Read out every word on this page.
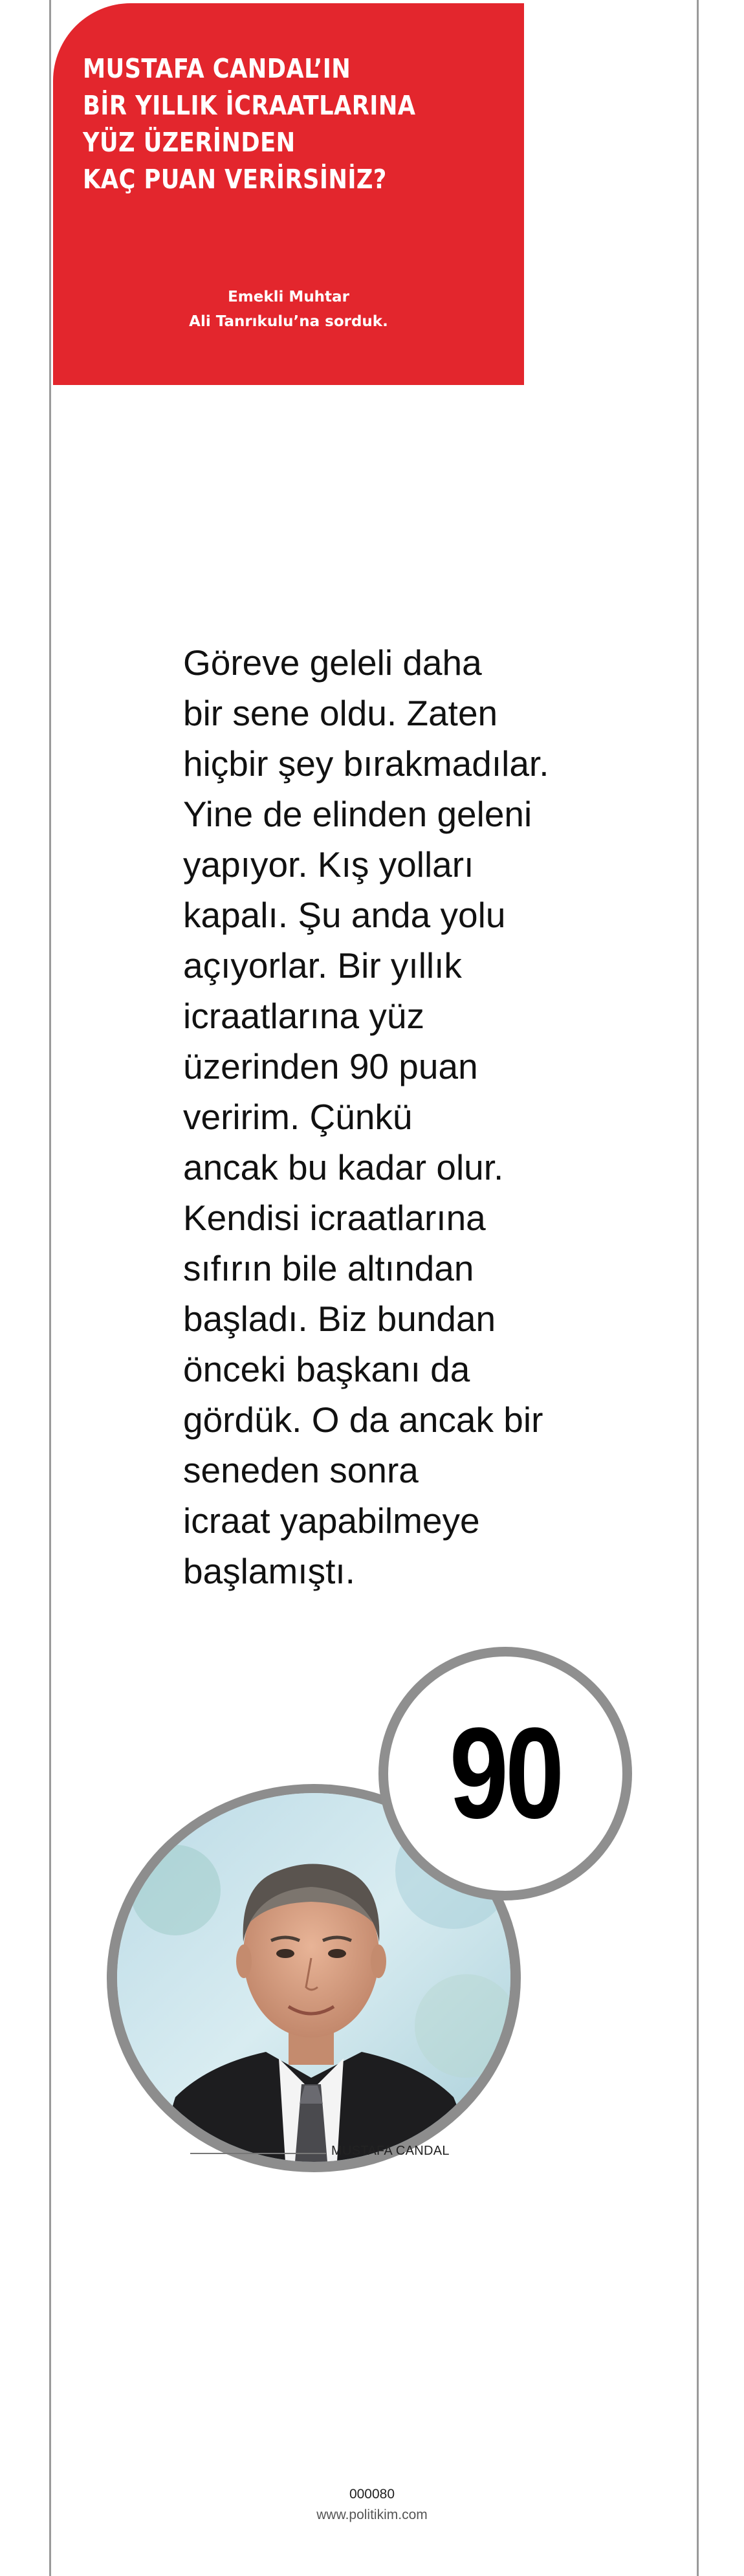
MUSTAFA CANDAL’IN
BİR YILLIK İCRAATLARINA
YÜZ ÜZERİNDEN
KAÇ PUAN VERİRSİNİZ?
Emekli Muhtar
Ali Tanrıkulu’na sorduk.
Göreve geleli daha
bir sene oldu. Zaten
hiçbir şey bırakmadılar.
Yine de elinden geleni
yapıyor. Kış yolları
kapalı. Şu anda yolu
açıyorlar. Bir yıllık
icraatlarına yüz
üzerinden 90 puan
veririm. Çünkü
ancak bu kadar olur.
Kendisi icraatlarına
sıfırın bile altından
başladı. Biz bundan
önceki başkanı da
gördük. O da ancak bir
seneden sonra
icraat yapabilmeye
başlamıştı.
90
MUSTAFA CANDAL
000080
www.politikim.com
